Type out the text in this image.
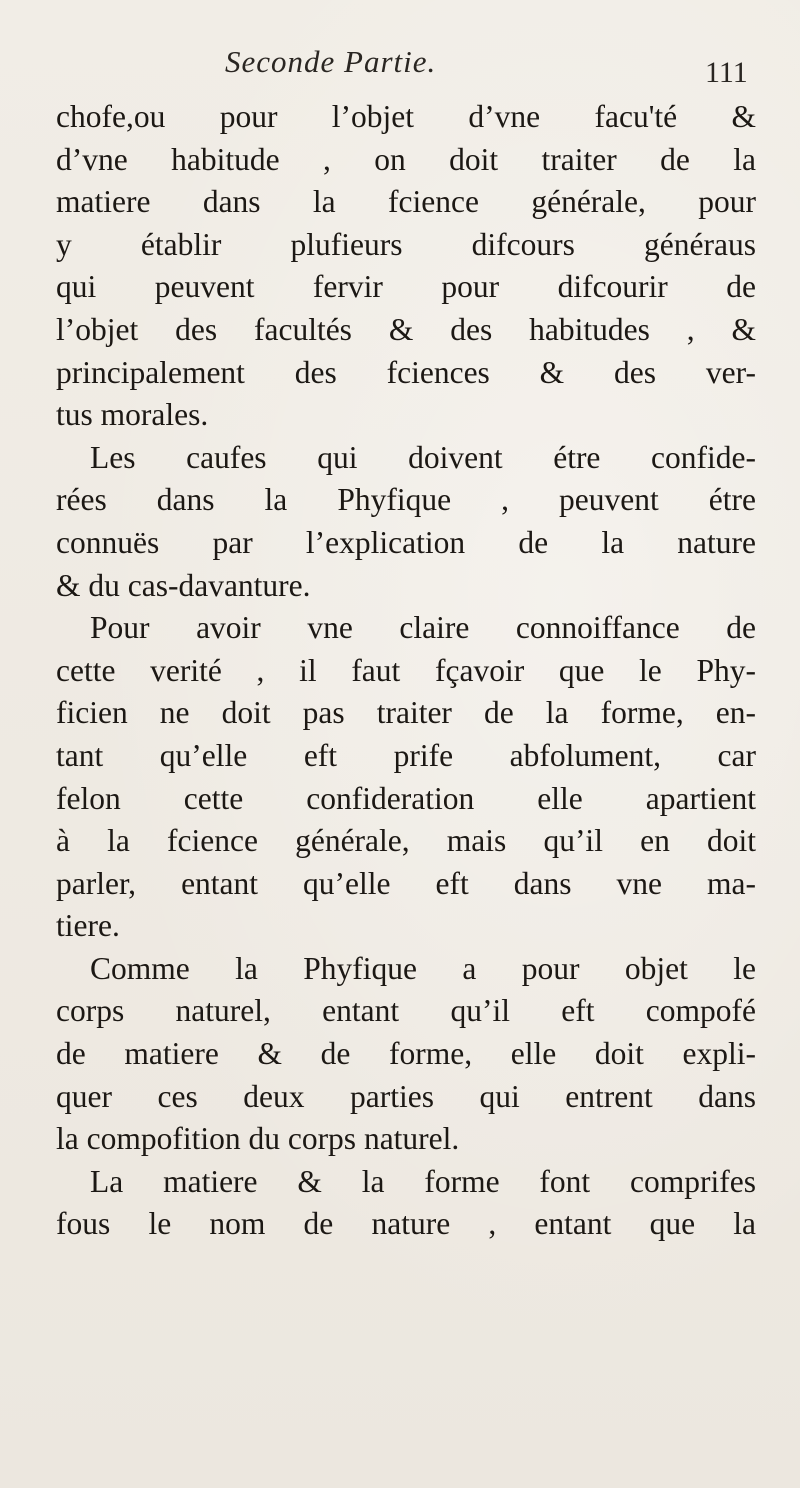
Seconde Partie.	111
chofe,ou pour l’objet d’vne facu'té &
d’vne habitude , on doit traiter de la
matiere dans la fcience générale, pour
y établir plufieurs difcours généraus
qui peuvent fervir pour difcourir de
l’objet des facultés & des habitudes , &
principalement des fciences & des ver-
tus morales.
Les caufes qui doivent étre confide-
rées dans la Phyfique , peuvent étre
connuës par l’explication de la nature
& du cas-davanture.
Pour avoir vne claire connoiffance de
cette verité , il faut fçavoir que le Phy-
ficien ne doit pas traiter de la forme, en-
tant qu’elle eft prife abfolument, car
felon cette confideration elle apartient
à la fcience générale, mais qu’il en doit
parler, entant qu’elle eft dans vne ma-
tiere.
Comme la Phyfique a pour objet le
corps naturel, entant qu’il eft compofé
de matiere & de forme, elle doit expli-
quer ces deux parties qui entrent dans
la compofition du corps naturel.
La matiere & la forme font comprifes
fous le nom de nature , entant que la
